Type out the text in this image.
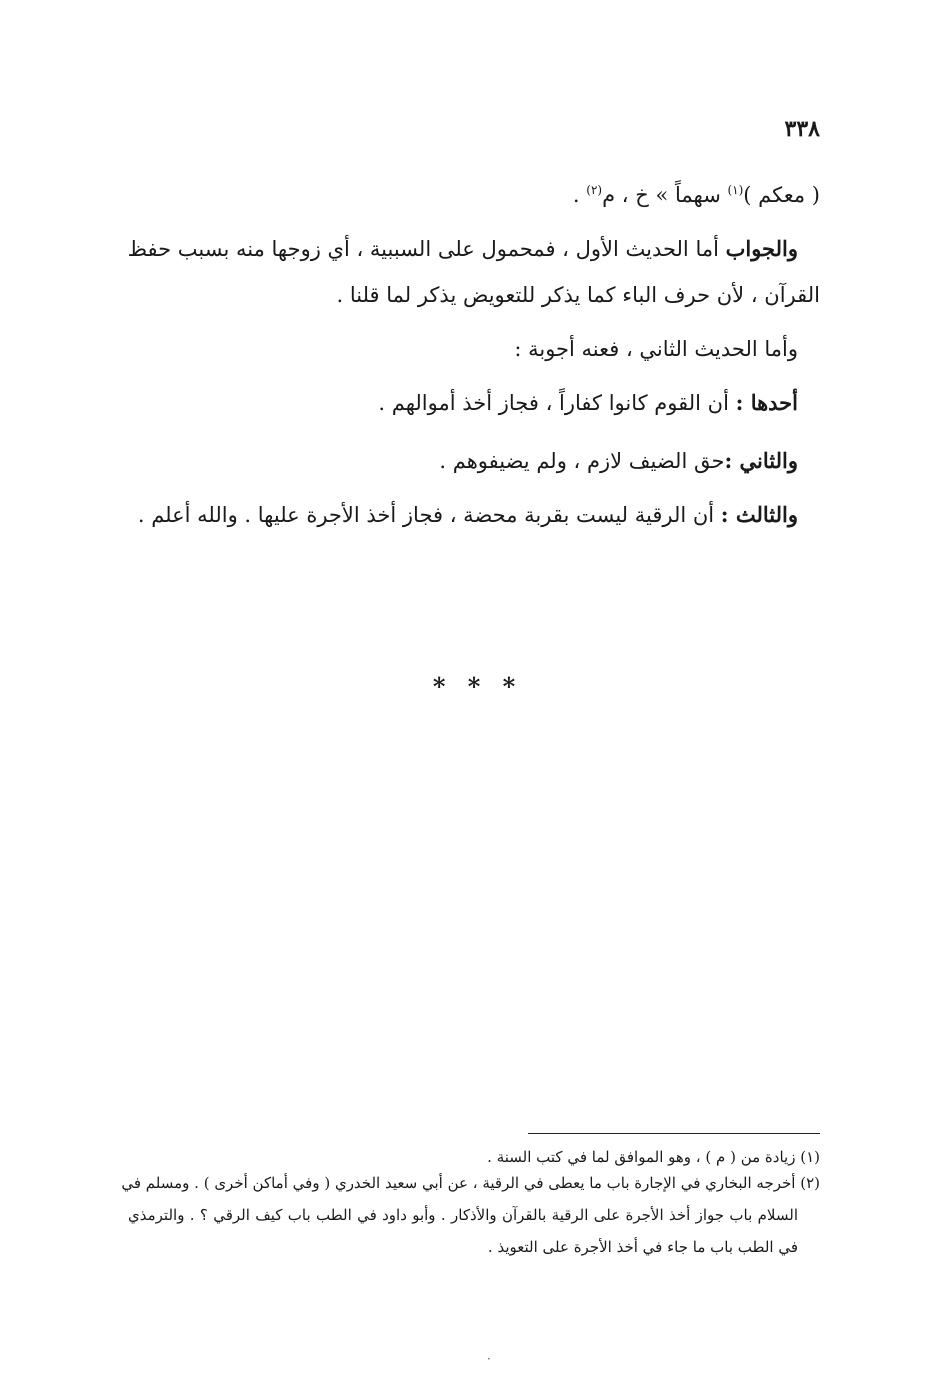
٣٣٨
( معكم )$^{(١)}$ سهماً » خ ، م$^{(٢)}$ .
والجواب أما الحديث الأول ، فمحمول على السببية ، أي زوجها منه بسبب حفظ
القرآن ، لأن حرف الباء كما يذكر للتعويض يذكر لما قلنا .
وأما الحديث الثاني ، فعنه أجوبة :
أحدها : أن القوم كانوا كفاراً ، فجاز أخذ أموالهم .
والثاني :حق الضيف لازم ، ولم يضيفوهم .
والثالث : أن الرقية ليست بقربة محضة ، فجاز أخذ الأجرة عليها . والله أعلم .
* * *
(١) زيادة من ( م ) ، وهو الموافق لما في كتب السنة .
(٢) أخرجه البخاري في الإجارة باب ما يعطى في الرقية ، عن أبي سعيد الخدري ( وفي أماكن أخرى ) . ومسلم في
السلام باب جواز أخذ الأجرة على الرقية بالقرآن والأذكار . وأبو داود في الطب باب كيف الرقي ؟ . والترمذي
في الطب باب ما جاء في أخذ الأجرة على التعويذ .
·
